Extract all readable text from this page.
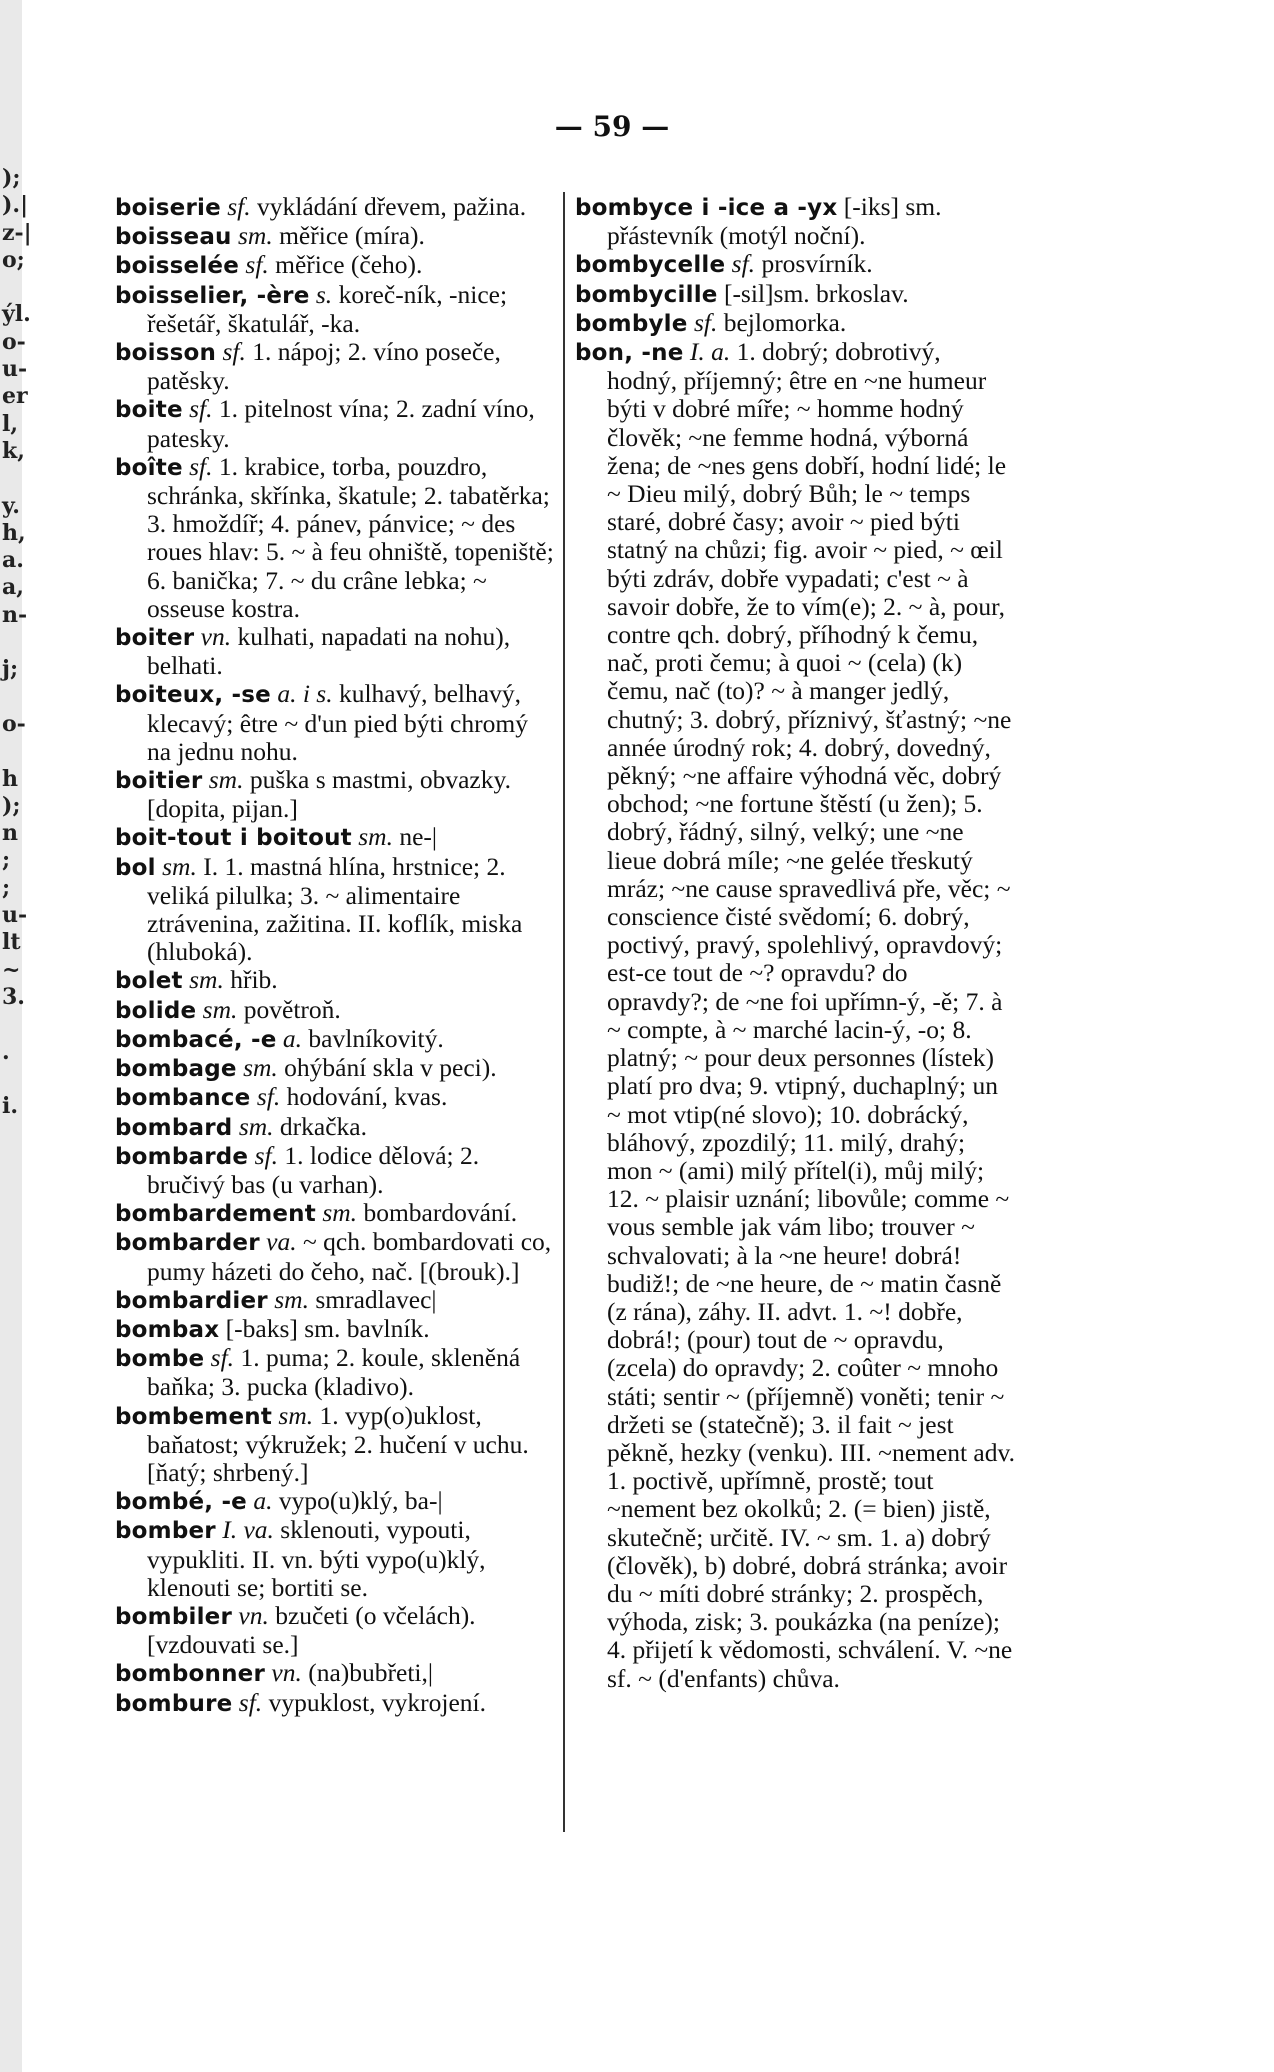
);
).|
z-|
o;

ýl.
o-
u-
er
l,
k,

y.
h,
a.
a,
n-

j;

o-

h
);
n
;
;
u-
lt
~
3.

.

i.
— 59 —

boiserie sf. vykládání dřevem, pažina.

boisseau sm. měřice (míra).

boisselée sf. měřice (čeho).

boisselier, -ère s. koreč-ník, -nice; řešetář, škatulář, -ka.

boisson sf. 1. nápoj; 2. víno poseče, patěsky.

boite sf. 1. pitelnost vína; 2. zadní víno, patesky.

boîte sf. 1. krabice, torba, pouzdro, schránka, skřínka, škatule; 2. tabatěrka; 3. hmoždíř; 4. pánev, pánvice; ~ des roues hlav: 5. ~ à feu ohniště, topeniště; 6. banička; 7. ~ du crâne lebka; ~ osseuse kostra.

boiter vn. kulhati, napadati na nohu), belhati.

boiteux, -se a. i s. kulhavý, belhavý, klecavý; être ~ d'un pied býti chromý na jednu nohu.

boitier sm. puška s mastmi, obvazky. [dopita, pijan.]

boit-tout i boitout sm. ne-|

bol sm. I. 1. mastná hlína, hrstnice; 2. veliká pilulka; 3. ~ alimentaire ztrávenina, zažitina. II. koflík, miska (hluboká).

bolet sm. hřib.

bolide sm. povětroň.

bombacé, -e a. bavlníkovitý.

bombage sm. ohýbání skla v peci).

bombance sf. hodování, kvas.

bombard sm. drkačka.

bombarde sf. 1. lodice dělová; 2. bručivý bas (u varhan).

bombardement sm. bombardování.

bombarder va. ~ qch. bombardovati co, pumy házeti do čeho, nač. [(brouk).]

bombardier sm. smradlavec|

bombax [-baks] sm. bavlník.

bombe sf. 1. puma; 2. koule, skleněná baňka; 3. pucka (kladivo).

bombement sm. 1. vyp(o)uklost, baňatost; výkružek; 2. hučení v uchu. [ňatý; shrbený.]

bombé, -e a. vypo(u)klý, ba-|

bomber I. va. sklenouti, vypouti, vypukliti. II. vn. býti vypo(u)klý, klenouti se; bortiti se.

bombiler vn. bzučeti (o včelách). [vzdouvati se.]

bombonner vn. (na)bubřeti,|

bombure sf. vypuklost, vykrojení.

bombyce i -ice a -yx [-iks] sm. přástevník (motýl noční).

bombycelle sf. prosvírník.

bombycille [-sil]sm. brkoslav.

bombyle sf. bejlomorka.

bon, -ne I. a. 1. dobrý; dobrotivý, hodný, příjemný; être en ~ne humeur býti v dobré míře; ~ homme hodný člověk; ~ne femme hodná, výborná žena; de ~nes gens dobří, hodní lidé; le ~ Dieu milý, dobrý Bůh; le ~ temps staré, dobré časy; avoir ~ pied býti statný na chůzi; fig. avoir ~ pied, ~ œil býti zdráv, dobře vypadati; c'est ~ à savoir dobře, že to vím(e); 2. ~ à, pour, contre qch. dobrý, příhodný k čemu, nač, proti čemu; à quoi ~ (cela) (k) čemu, nač (to)? ~ à manger jedlý, chutný; 3. dobrý, příznivý, šťastný; ~ne année úrodný rok; 4. dobrý, dovedný, pěkný; ~ne affaire výhodná věc, dobrý obchod; ~ne fortune štěstí (u žen); 5. dobrý, řádný, silný, velký; une ~ne lieue dobrá míle; ~ne gelée třeskutý mráz; ~ne cause spravedlivá pře, věc; ~ conscience čisté svědomí; 6. dobrý, poctivý, pravý, spolehlivý, opravdový; est-ce tout de ~? opravdu? do opravdy?; de ~ne foi upřímn-ý, -ě; 7. à ~ compte, à ~ marché lacin-ý, -o; 8. platný; ~ pour deux personnes (lístek) platí pro dva; 9. vtipný, duchaplný; un ~ mot vtip(né slovo); 10. dobrácký, bláhový, zpozdilý; 11. milý, drahý; mon ~ (ami) milý přítel(i), můj milý; 12. ~ plaisir uznání; libovůle; comme ~ vous semble jak vám libo; trouver ~ schvalovati; à la ~ne heure! dobrá! budiž!; de ~ne heure, de ~ matin časně (z rána), záhy. II. advt. 1. ~! dobře, dobrá!; (pour) tout de ~ opravdu, (zcela) do opravdy; 2. coûter ~ mnoho státi; sentir ~ (příjemně) voněti; tenir ~ držeti se (statečně); 3. il fait ~ jest pěkně, hezky (venku). III. ~nement adv. 1. poctivě, upřímně, prostě; tout ~nement bez okolků; 2. (= bien) jistě, skutečně; určitě. IV. ~ sm. 1. a) dobrý (člověk), b) dobré, dobrá stránka; avoir du ~ míti dobré stránky; 2. prospěch, výhoda, zisk; 3. poukázka (na peníze); 4. přijetí k vědomosti, schválení. V. ~ne sf. ~ (d'enfants) chůva.
